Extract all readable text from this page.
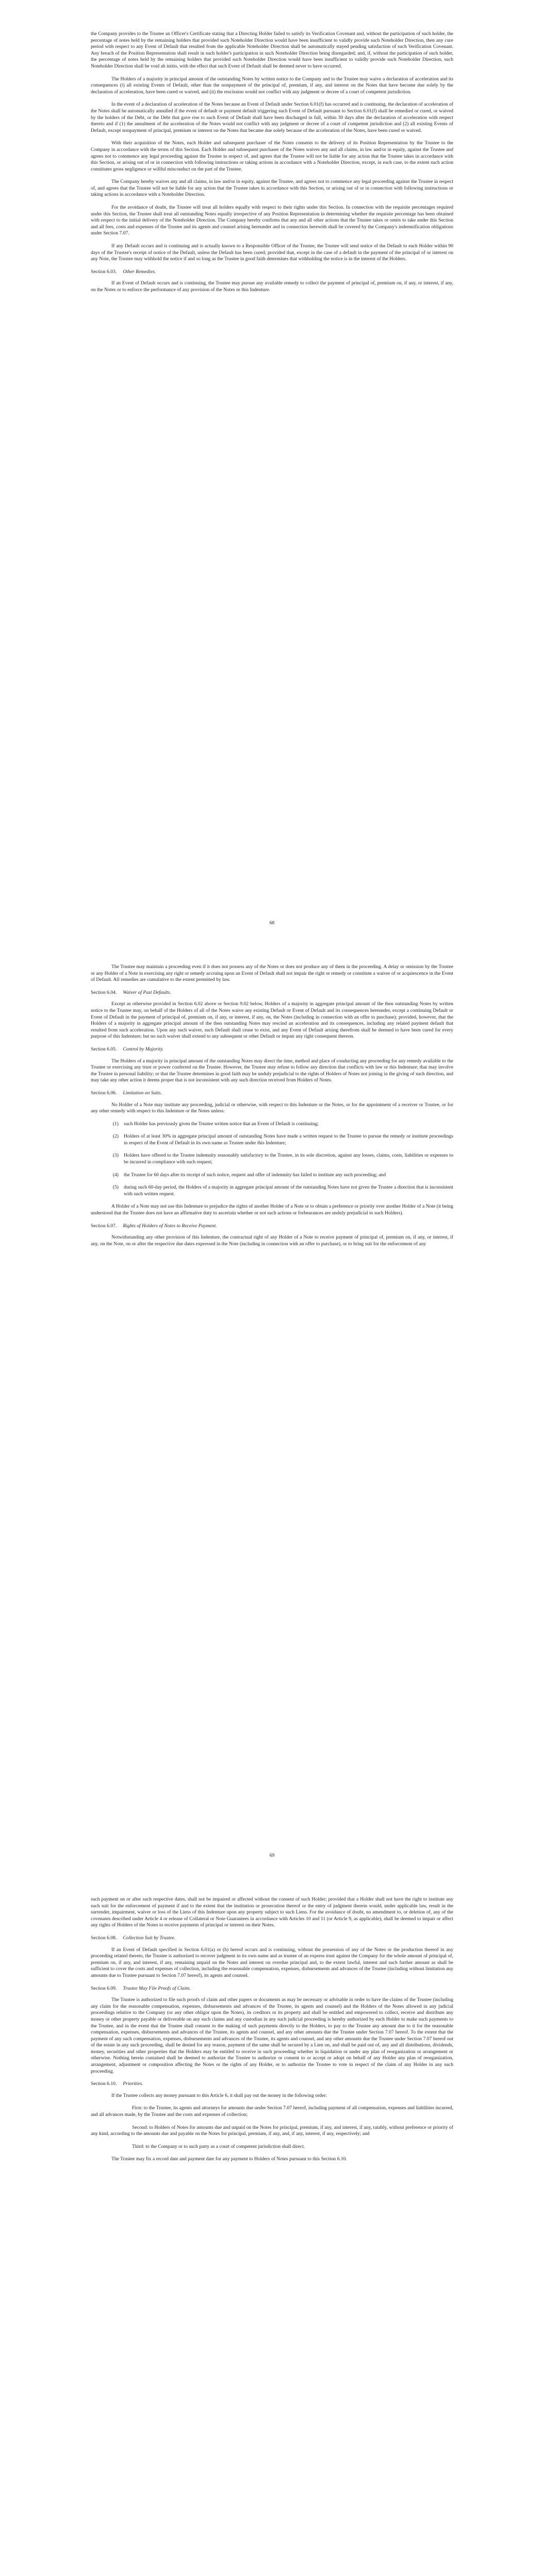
the Company provides to the Trustee an Officer's Certificate stating that a Directing Holder failed to satisfy its Verification Covenant and, without the participation of such holder, the percentage of notes held by the remaining holders that provided such Noteholder Direction would have been insufficient to validly provide such Noteholder Direction, then any cure period with respect to any Event of Default that resulted from the applicable Noteholder Direction shall be automatically stayed pending satisfaction of such Verification Covenant. Any breach of the Position Representation shall result in such holder's participation in such Noteholder Direction being disregarded; and, if, without the participation of such holder, the percentage of notes held by the remaining holders that provided such Noteholder Direction would have been insufficient to validly provide such Noteholder Direction, such Noteholder Direction shall be void ab initio, with the effect that such Event of Default shall be deemed never to have occurred.

The Holders of a majority in principal amount of the outstanding Notes by written notice to the Company and to the Trustee may waive a declaration of acceleration and its consequences (i) all existing Events of Default, other than the nonpayment of the principal of, premium, if any, and interest on the Notes that have become due solely by the declaration of acceleration, have been cured or waived, and (ii) the rescission would not conflict with any judgment or decree of a court of competent jurisdiction.

In the event of a declaration of acceleration of the Notes because an Event of Default under Section 6.01(f) has occurred and is continuing, the declaration of acceleration of the Notes shall be automatically annulled if the event of default or payment default triggering such Event of Default pursuant to Section 6.01(f) shall be remedied or cured, or waived by the holders of the Debt, or the Debt that gave rise to such Event of Default shall have been discharged in full, within 30 days after the declaration of acceleration with respect thereto and if (1) the annulment of the acceleration of the Notes would not conflict with any judgment or decree of a court of competent jurisdiction and (2) all existing Events of Default, except nonpayment of principal, premium or interest on the Notes that became due solely because of the acceleration of the Notes, have been cured or waived.

With their acquisition of the Notes, each Holder and subsequent purchaser of the Notes consents to the delivery of its Position Representation by the Trustee to the Company in accordance with the terms of this Section. Each Holder and subsequent purchaser of the Notes waives any and all claims, in law and/or in equity, against the Trustee and agrees not to commence any legal proceeding against the Trustee in respect of, and agrees that the Trustee will not be liable for any action that the Trustee takes in accordance with this Section, or arising out of or in connection with following instructions or taking actions in accordance with a Noteholder Direction, except, in each case, to the extent such action constitutes gross negligence or willful misconduct on the part of the Trustee.

The Company hereby waives any and all claims, in law and/or in equity, against the Trustee, and agrees not to commence any legal proceeding against the Trustee in respect of, and agrees that the Trustee will not be liable for any action that the Trustee takes in accordance with this Section, or arising out of or in connection with following instructions or taking actions in accordance with a Noteholder Direction.

For the avoidance of doubt, the Trustee will treat all holders equally with respect to their rights under this Section. In connection with the requisite percentages required under this Section, the Trustee shall treat all outstanding Notes equally irrespective of any Position Representation in determining whether the requisite percentage has been obtained with respect to the initial delivery of the Noteholder Direction. The Company hereby confirms that any and all other actions that the Trustee takes or omits to take under this Section and all fees, costs and expenses of the Trustee and its agents and counsel arising hereunder and in connection herewith shall be covered by the Company's indemnification obligations under Section 7.07.

If any Default occurs and is continuing and is actually known to a Responsible Officer of the Trustee, the Trustee will send notice of the Default to each Holder within 90 days of the Trustee's receipt of notice of the Default, unless the Default has been cured; provided that, except in the case of a default in the payment of the principal of or interest on any Note, the Trustee may withhold the notice if and so long as the Trustee in good faith determines that withholding the notice is in the interest of the Holders.

Section 6.03. Other Remedies.

If an Event of Default occurs and is continuing, the Trustee may pursue any available remedy to collect the payment of principal of, premium on, if any, or interest, if any, on the Notes or to enforce the performance of any provision of the Notes or this Indenture.

68

The Trustee may maintain a proceeding even if it does not possess any of the Notes or does not produce any of them in the proceeding. A delay or omission by the Trustee or any Holder of a Note in exercising any right or remedy accruing upon an Event of Default shall not impair the right or remedy or constitute a waiver of or acquiescence in the Event of Default. All remedies are cumulative to the extent permitted by law.

Section 6.04. Waiver of Past Defaults.

Except as otherwise provided in Section 6.02 above or Section 9.02 below, Holders of a majority in aggregate principal amount of the then outstanding Notes by written notice to the Trustee may, on behalf of the Holders of all of the Notes waive any existing Default or Event of Default and its consequences hereunder, except a continuing Default or Event of Default in the payment of principal of, premium on, if any, or interest, if any, on, the Notes (including in connection with an offer to purchase); provided, however, that the Holders of a majority in aggregate principal amount of the then outstanding Notes may rescind an acceleration and its consequences, including any related payment default that resulted from such acceleration. Upon any such waiver, such Default shall cease to exist, and any Event of Default arising therefrom shall be deemed to have been cured for every purpose of this Indenture; but no such waiver shall extend to any subsequent or other Default or impair any right consequent thereon.

Section 6.05. Control by Majority.

The Holders of a majority in principal amount of the outstanding Notes may direct the time, method and place of conducting any proceeding for any remedy available to the Trustee or exercising any trust or power conferred on the Trustee. However, the Trustee may refuse to follow any direction that conflicts with law or this Indenture; that may involve the Trustee in personal liability; or that the Trustee determines in good faith may be unduly prejudicial to the rights of Holders of Notes not joining in the giving of such direction, and may take any other action it deems proper that is not inconsistent with any such direction received from Holders of Notes.

Section 6.06. Limitation on Suits.

No Holder of a Note may institute any proceeding, judicial or otherwise, with respect to this Indenture or the Notes, or for the appointment of a receiver or Trustee, or for any other remedy with respect to this Indenture or the Notes unless:

(1)	such Holder has previously given the Trustee written notice that an Event of Default is continuing;
(2)	Holders of at least 30% in aggregate principal amount of outstanding Notes have made a written request to the Trustee to pursue the remedy or institute proceedings in respect of the Event of Default in its own name as Trustee under this Indenture;
(3)	Holders have offered to the Trustee indemnity reasonably satisfactory to the Trustee, in its sole discretion, against any losses, claims, costs, liabilities or expenses to be incurred in compliance with such request;
(4)	the Trustee for 60 days after its receipt of such notice, request and offer of indemnity has failed to institute any such proceeding; and
(5)	during such 60-day period, the Holders of a majority in aggregate principal amount of the outstanding Notes have not given the Trustee a direction that is inconsistent with such written request.

A Holder of a Note may not use this Indenture to prejudice the rights of another Holder of a Note or to obtain a preference or priority over another Holder of a Note (it being understood that the Trustee does not have an affirmative duty to ascertain whether or not such actions or forbearances are unduly prejudicial to such Holders).

Section 6.07. Rights of Holders of Notes to Receive Payment.

Notwithstanding any other provision of this Indenture, the contractual right of any Holder of a Note to receive payment of principal of, premium on, if any, or interest, if any, on the Note, on or after the respective due dates expressed in the Note (including in connection with an offer to purchase), or to bring suit for the enforcement of any

69

such payment on or after such respective dates, shall not be impaired or affected without the consent of such Holder; provided that a Holder shall not have the right to institute any such suit for the enforcement of payment if and to the extent that the institution or prosecution thereof or the entry of judgment therein would, under applicable law, result in the surrender, impairment, waiver or loss of the Liens of this Indenture upon any property subject to such Liens. For the avoidance of doubt, no amendment to, or deletion of, any of the covenants described under Article 4 or release of Collateral or Note Guarantees in accordance with Articles 10 and 11 (or Article 9, as applicable), shall be deemed to impair or affect any rights of Holders of the Notes to receive payments of principal or interest on their Notes.

Section 6.08. Collection Suit by Trustee.

If an Event of Default specified in Section 6.01(a) or (b) hereof occurs and is continuing, without the possession of any of the Notes or the production thereof in any proceeding related thereto, the Trustee is authorized to recover judgment in its own name and as trustee of an express trust against the Company for the whole amount of principal of, premium on, if any, and interest, if any, remaining unpaid on the Notes and interest on overdue principal and, to the extent lawful, interest and such further amount as shall be sufficient to cover the costs and expenses of collection, including the reasonable compensation, expenses, disbursements and advances of the Trustee (including without limitation any amounts due to Trustee pursuant to Section 7.07 hereof), its agents and counsel.

Section 6.09. Trustee May File Proofs of Claim.

The Trustee is authorized to file such proofs of claim and other papers or documents as may be necessary or advisable in order to have the claims of the Trustee (including any claim for the reasonable compensation, expenses, disbursements and advances of the Trustee, its agents and counsel) and the Holders of the Notes allowed in any judicial proceedings relative to the Company (or any other obligor upon the Notes), its creditors or its property and shall be entitled and empowered to collect, receive and distribute any money or other property payable or deliverable on any such claims and any custodian in any such judicial proceeding is hereby authorized by each Holder to make such payments to the Trustee, and in the event that the Trustee shall consent to the making of such payments directly to the Holders, to pay to the Trustee any amount due to it for the reasonable compensation, expenses, disbursements and advances of the Trustee, its agents and counsel, and any other amounts due the Trustee under Section 7.07 hereof. To the extent that the payment of any such compensation, expenses, disbursements and advances of the Trustee, its agents and counsel, and any other amounts due the Trustee under Section 7.07 hereof out of the estate in any such proceeding, shall be denied for any reason, payment of the same shall be secured by a Lien on, and shall be paid out of, any and all distributions, dividends, money, securities and other properties that the Holders may be entitled to receive in such proceeding whether in liquidation or under any plan of reorganization or arrangement or otherwise. Nothing herein contained shall be deemed to authorize the Trustee to authorize or consent to or accept or adopt on behalf of any Holder any plan of reorganization, arrangement, adjustment or composition affecting the Notes or the rights of any Holder, or to authorize the Trustee to vote in respect of the claim of any Holder in any such proceeding.

Section 6.10. Priorities.

If the Trustee collects any money pursuant to this Article 6, it shall pay out the money in the following order:

First: to the Trustee, its agents and attorneys for amounts due under Section 7.07 hereof, including payment of all compensation, expenses and liabilities incurred, and all advances made, by the Trustee and the costs and expenses of collection;

Second: to Holders of Notes for amounts due and unpaid on the Notes for principal, premium, if any, and interest, if any, ratably, without preference or priority of any kind, according to the amounts due and payable on the Notes for principal, premium, if any, and, if any, interest, if any, respectively; and

Third: to the Company or to such party as a court of competent jurisdiction shall direct.

The Trustee may fix a record date and payment date for any payment to Holders of Notes pursuant to this Section 6.10.
